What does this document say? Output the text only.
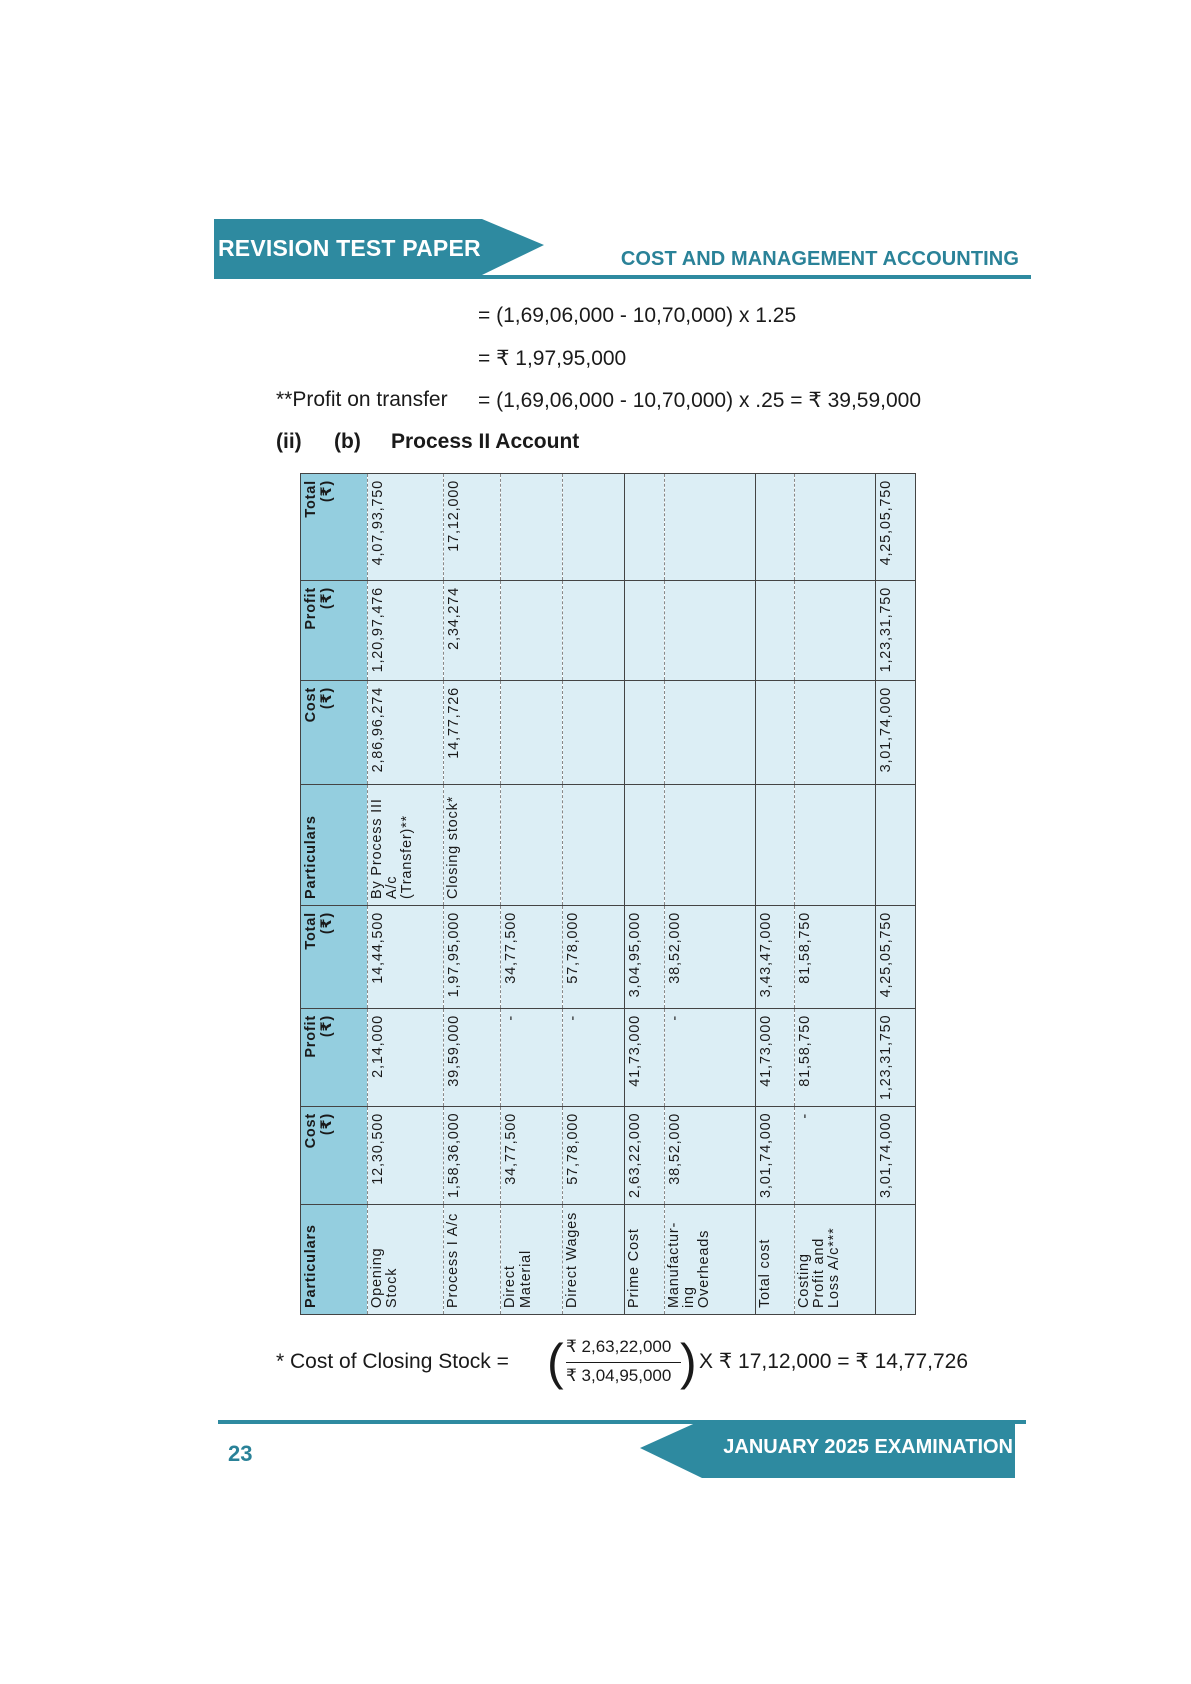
REVISION TEST PAPER	COST AND MANAGEMENT ACCOUNTING
= (1,69,06,000 - 10,70,000) x 1.25
= ₹ 1,97,95,000
**Profit on transfer = (1,69,06,000 - 10,70,000) x .25 = ₹ 39,59,000
(ii) (b) Process II Account
Particulars	Cost (₹)	Profit (₹)	Total (₹)	Particulars	Cost (₹)	Profit (₹)	Total (₹)

Opening Stock	12,30,500	2,14,000	14,44,500	By Process III A/c (Transfer)**	2,86,96,274	1,20,97,476	4,07,93,750
Process I A/c	1,58,36,000	39,59,000	1,97,95,000	Closing stock*	14,77,726	2,34,274	17,12,000
Direct Material	34,77,500	-	34,77,500				
Direct Wages	57,78,000	-	57,78,000				
Prime Cost	2,63,22,000	41,73,000	3,04,95,000				
Manufactur-ing Overheads	38,52,000	-	38,52,000				
Total cost	3,01,74,000	41,73,000	3,43,47,000				
Costing Profit and Loss A/c***	-	81,58,750	81,58,750				
	3,01,74,000	1,23,31,750	4,25,05,750		3,01,74,000	1,23,31,750	4,25,05,750
* Cost of Closing Stock = ( ₹ 2,63,22,000
₹ 3,04,95,000 ) X ₹ 17,12,000 = ₹ 14,77,726
23	JANUARY 2025 EXAMINATION
